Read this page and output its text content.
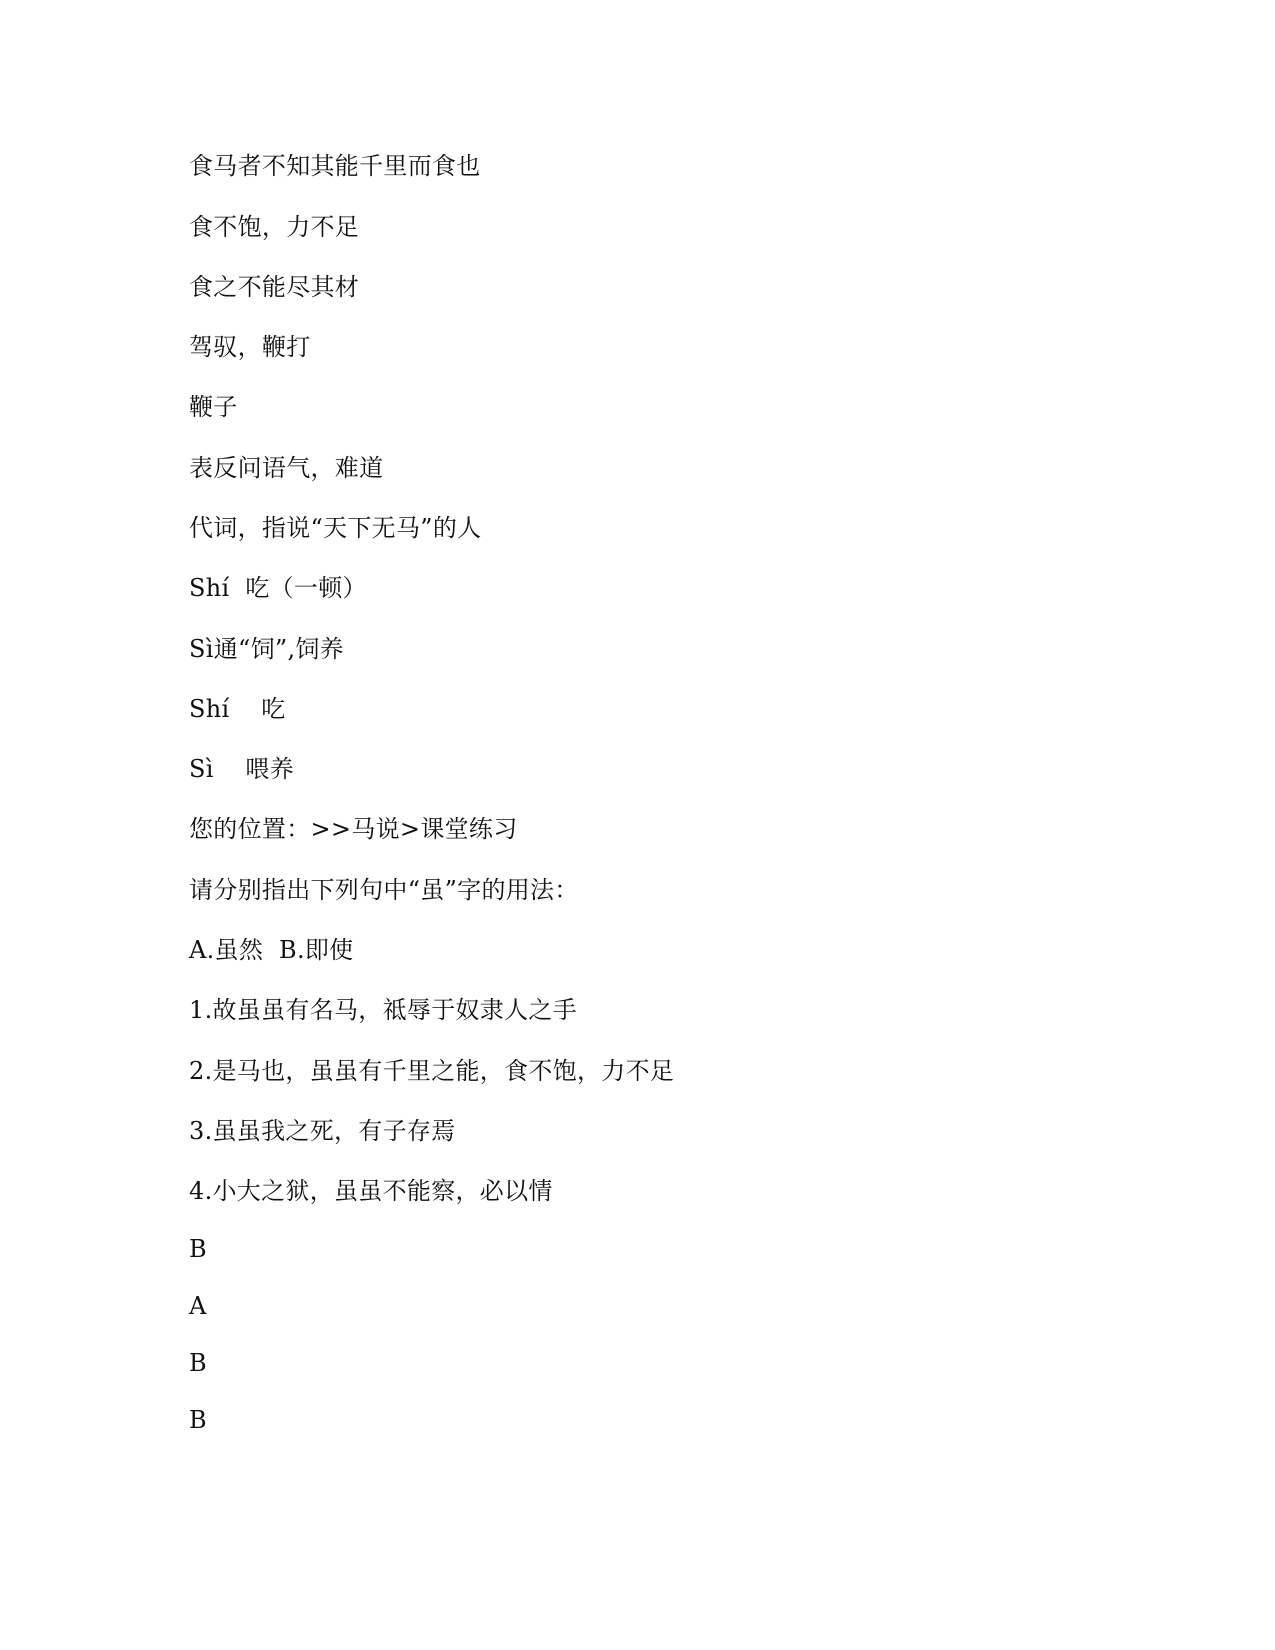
食马者不知其能千里而食也
食不饱，力不足
食之不能尽其材
驾驭，鞭打
鞭子
表反问语气，难道
代词，指说“天下无马”的人
Shí  吃（一顿）
Sì通“饲”,饲养
Shí    吃
Sì    喂养
您的位置：>>马说>课堂练习
请分别指出下列句中“虽”字的用法：
A.虽然  B.即使
1.故虽虽有名马，祗辱于奴隶人之手
2.是马也，虽虽有千里之能，食不饱，力不足
3.虽虽我之死，有子存焉
4.小大之狱，虽虽不能察，必以情
B
A
B
B
